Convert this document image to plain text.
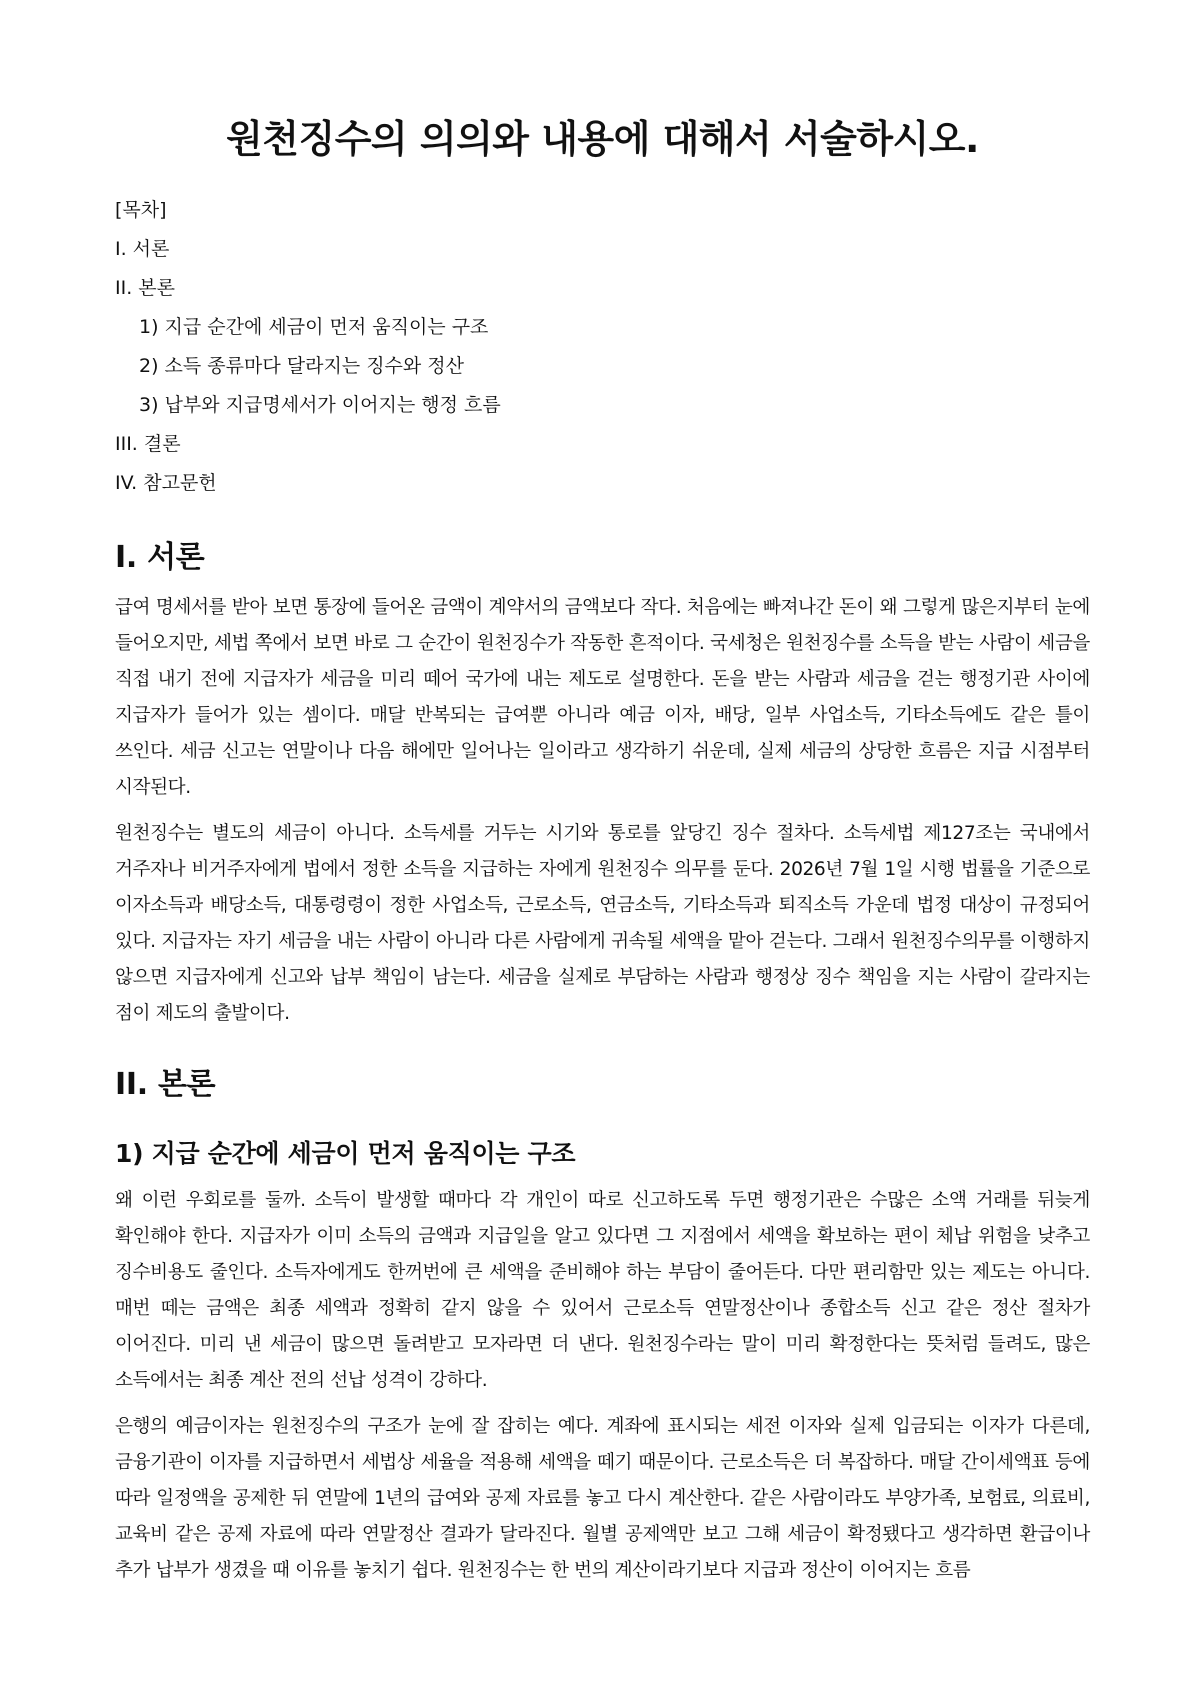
원천징수의 의의와 내용에 대해서 서술하시오.
[목차]
I. 서론
II. 본론
1) 지급 순간에 세금이 먼저 움직이는 구조
2) 소득 종류마다 달라지는 징수와 정산
3) 납부와 지급명세서가 이어지는 행정 흐름
III. 결론
IV. 참고문헌
I. 서론

급여 명세서를 받아 보면 통장에 들어온 금액이 계약서의 금액보다 작다. 처음에는 빠져나간 돈이 왜 그렇게 많은지부터 눈에 들어오지만, 세법 쪽에서 보면 바로 그 순간이 원천징수가 작동한 흔적이다. 국세청은 원천징수를 소득을 받는 사람이 세금을 직접 내기 전에 지급자가 세금을 미리 떼어 국가에 내는 제도로 설명한다. 돈을 받는 사람과 세금을 걷는 행정기관 사이에 지급자가 들어가 있는 셈이다. 매달 반복되는 급여뿐 아니라 예금 이자, 배당, 일부 사업소득, 기타소득에도 같은 틀이 쓰인다. 세금 신고는 연말이나 다음 해에만 일어나는 일이라고 생각하기 쉬운데, 실제 세금의 상당한 흐름은 지급 시점부터 시작된다.

원천징수는 별도의 세금이 아니다. 소득세를 거두는 시기와 통로를 앞당긴 징수 절차다. 소득세법 제127조는 국내에서 거주자나 비거주자에게 법에서 정한 소득을 지급하는 자에게 원천징수 의무를 둔다. 2026년 7월 1일 시행 법률을 기준으로 이자소득과 배당소득, 대통령령이 정한 사업소득, 근로소득, 연금소득, 기타소득과 퇴직소득 가운데 법정 대상이 규정되어 있다. 지급자는 자기 세금을 내는 사람이 아니라 다른 사람에게 귀속될 세액을 맡아 걷는다. 그래서 원천징수의무를 이행하지 않으면 지급자에게 신고와 납부 책임이 남는다. 세금을 실제로 부담하는 사람과 행정상 징수 책임을 지는 사람이 갈라지는 점이 제도의 출발이다.

II. 본론
1) 지급 순간에 세금이 먼저 움직이는 구조

왜 이런 우회로를 둘까. 소득이 발생할 때마다 각 개인이 따로 신고하도록 두면 행정기관은 수많은 소액 거래를 뒤늦게 확인해야 한다. 지급자가 이미 소득의 금액과 지급일을 알고 있다면 그 지점에서 세액을 확보하는 편이 체납 위험을 낮추고 징수비용도 줄인다. 소득자에게도 한꺼번에 큰 세액을 준비해야 하는 부담이 줄어든다. 다만 편리함만 있는 제도는 아니다. 매번 떼는 금액은 최종 세액과 정확히 같지 않을 수 있어서 근로소득 연말정산이나 종합소득 신고 같은 정산 절차가 이어진다. 미리 낸 세금이 많으면 돌려받고 모자라면 더 낸다. 원천징수라는 말이 미리 확정한다는 뜻처럼 들려도, 많은 소득에서는 최종 계산 전의 선납 성격이 강하다.

은행의 예금이자는 원천징수의 구조가 눈에 잘 잡히는 예다. 계좌에 표시되는 세전 이자와 실제 입금되는 이자가 다른데, 금융기관이 이자를 지급하면서 세법상 세율을 적용해 세액을 떼기 때문이다. 근로소득은 더 복잡하다. 매달 간이세액표 등에 따라 일정액을 공제한 뒤 연말에 1년의 급여와 공제 자료를 놓고 다시 계산한다. 같은 사람이라도 부양가족, 보험료, 의료비, 교육비 같은 공제 자료에 따라 연말정산 결과가 달라진다. 월별 공제액만 보고 그해 세금이 확정됐다고 생각하면 환급이나 추가 납부가 생겼을 때 이유를 놓치기 쉽다. 원천징수는 한 번의 계산이라기보다 지급과 정산이 이어지는 흐름
